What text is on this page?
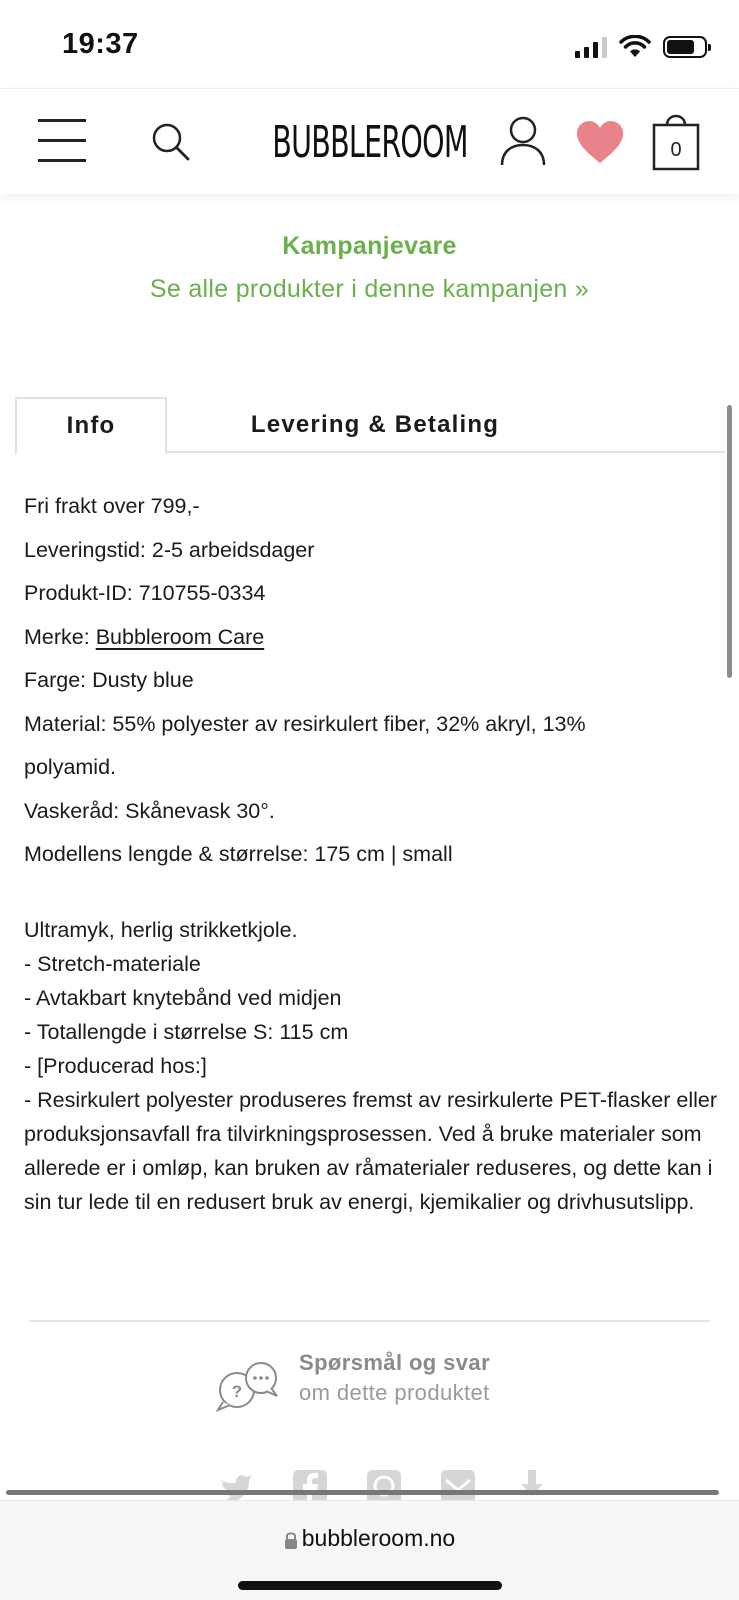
19:37
BUBBLEROOM	0
Kampanjevare
Se alle produkter i denne kampanjen »
Info	Levering & Betaling
Fri frakt over 799,-
Leveringstid: 2-5 arbeidsdager
Produkt-ID: 710755-0334
Merke: Bubbleroom Care
Farge: Dusty blue
Material: 55% polyester av resirkulert fiber, 32% akryl, 13%
polyamid.
Vaskeråd: Skånevask 30°.
Modellens lengde & størrelse: 175 cm | small

Ultramyk, herlig strikketkjole.

- Stretch-materiale

- Avtakbart knytebånd ved midjen

- Totallengde i størrelse S: 115 cm

- [Producerad hos:]

- Resirkulert polyester produseres fremst av resirkulerte PET-flasker eller produksjonsavfall fra tilvirkningsprosessen. Ved å bruke materialer som allerede er i omløp, kan bruken av råmaterialer reduseres, og dette kan i sin tur lede til en redusert bruk av energi, kjemikalier og drivhusutslipp.

?
Spørsmål og svar
om dette produktet
bubbleroom.no
